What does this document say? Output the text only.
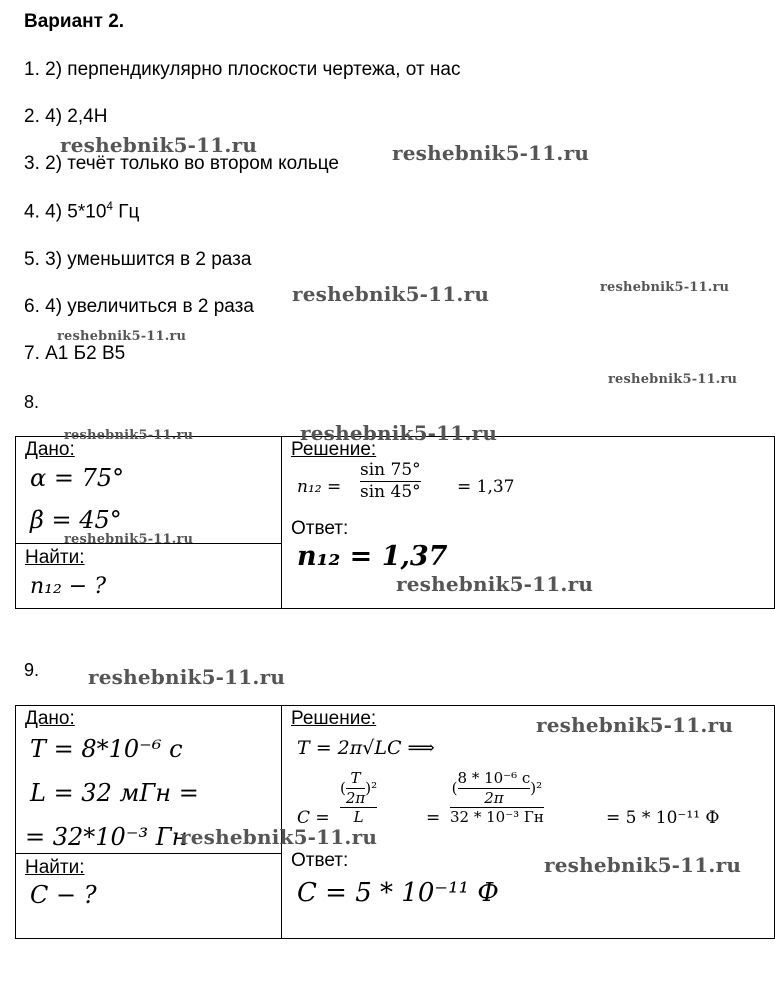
Вариант 2.
1. 2) перпендикулярно плоскости чертежа, от нас
2. 4) 2,4Н
3. 2) течёт только во втором кольце
4. 4) $5*10^4$ Гц
5. 3) уменьшится в 2 раза
6. 4) увеличиться в 2 раза
7. А1 Б2 В5
8.
Дано:
α = 75°
β = 45°
Найти:
n₁₂ − ?
Решение:
n₁₂ =
sin 75°
sin 45° = 1,37
Ответ:
n₁₂ = 1,37
9.
Дано:
T = 8*10⁻⁶ с
L = 32 мГн =
= 32*10⁻³ Гн
Найти:
C − ?
Решение:
T = 2π√LC ⟹
C =
(
T
2π
)²
L	=
(
8 * 10⁻⁶ с
2π
)²
32 * 10⁻³ Гн	= 5 * 10⁻¹¹ Ф
Ответ:
C = 5 * 10⁻¹¹ Ф
reshebnik5-11.ru	reshebnik5-11.ru
reshebnik5-11.ru	reshebnik5-11.ru
reshebnik5-11.ru
reshebnik5-11.ru
reshebnik5-11.ru
reshebnik5-11.ru
reshebnik5-11.ru
reshebnik5-11.ru
reshebnik5-11.ru
reshebnik5-11.ru
reshebnik5-11.ru
reshebnik5-11.ru
